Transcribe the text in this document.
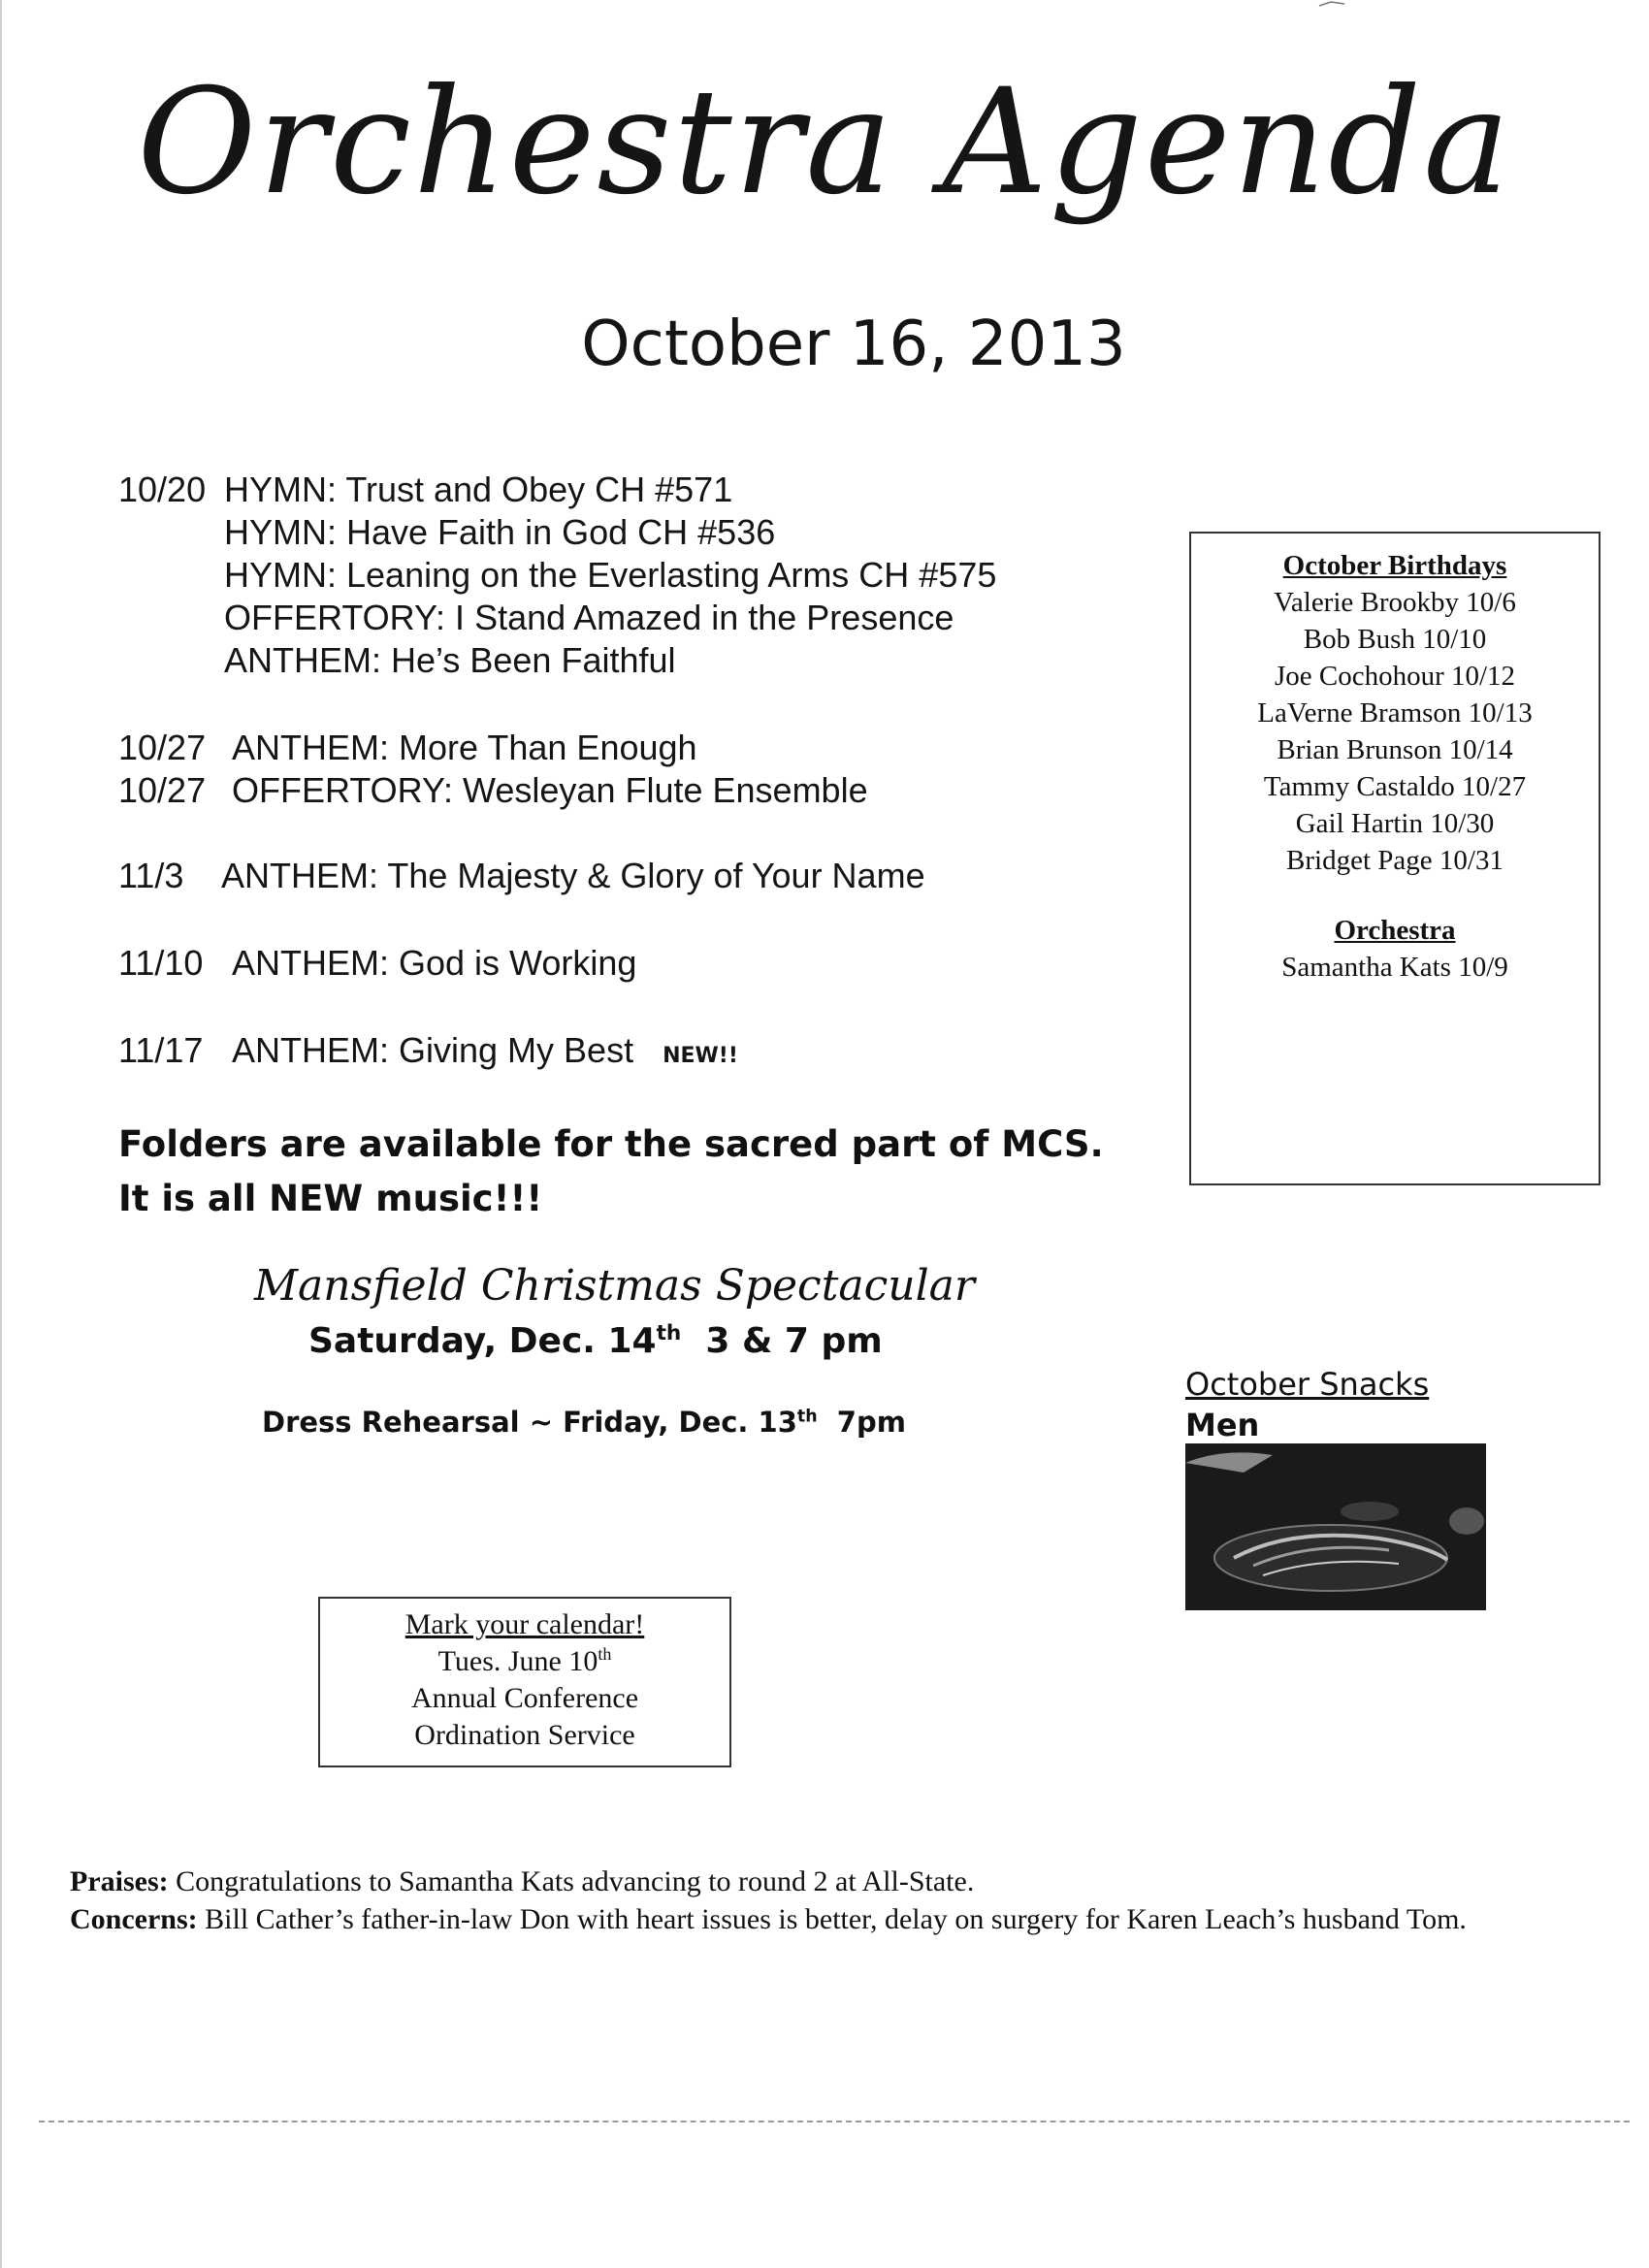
Orchestra Agenda
October 16, 2013
10/20 HYMN: Trust and Obey CH #571
HYMN: Have Faith in God CH #536
HYMN: Leaning on the Everlasting Arms CH #575
OFFERTORY: I Stand Amazed in the Presence
ANTHEM: He’s Been Faithful
10/27 ANTHEM: More Than Enough
10/27 OFFERTORY: Wesleyan Flute Ensemble
11/3 ANTHEM: The Majesty & Glory of Your Name
11/10 ANTHEM: God is Working
11/17 ANTHEM: Giving My Best NEW!!
Folders are available for the sacred part of MCS.
It is all NEW music!!!
October Birthdays
Valerie Brookby 10/6
Bob Bush 10/10
Joe Cochohour 10/12
LaVerne Bramson 10/13
Brian Brunson 10/14
Tammy Castaldo 10/27
Gail Hartin 10/30
Bridget Page 10/31
Orchestra
Samantha Kats 10/9
Mansfield Christmas Spectacular
Saturday, Dec. 14th  3 & 7 pm
Dress Rehearsal ~ Friday, Dec. 13th  7pm
October Snacks
Men
Mark your calendar!
Tues. June 10th
Annual Conference
Ordination Service
Praises: Congratulations to Samantha Kats advancing to round 2 at All-State.
Concerns: Bill Cather’s father-in-law Don with heart issues is better, delay on surgery for Karen Leach’s husband Tom.
